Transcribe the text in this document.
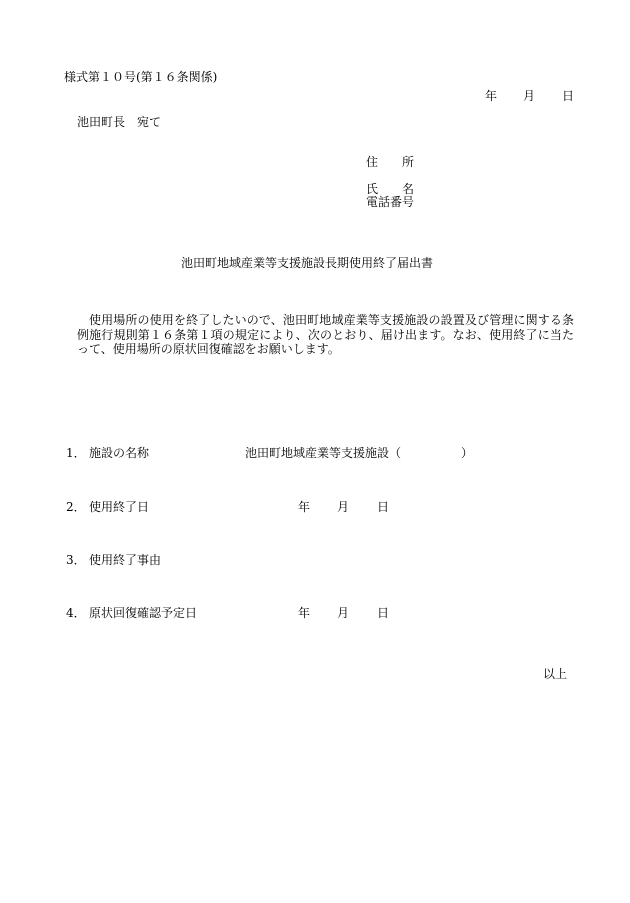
様式第１０号(第１６条関係)
年 月 日
池田町長　宛て
住　　所
氏　　名
電話番号
池田町地域産業等支援施設長期使用終了届出書
使用場所の使用を終了したいので、池田町地域産業等支援施設の設置及び管理に関する条例施行規則第１６条第１項の規定により、次のとおり、届け出ます。なお、使用終了に当たって、使用場所の原状回復確認をお願いします。
1． 施設の名称	池田町地域産業等支援施設（　　　　　）
2． 使用終了日	年 月 日
3． 使用終了事由
4． 原状回復確認予定日	年 月 日
以上
